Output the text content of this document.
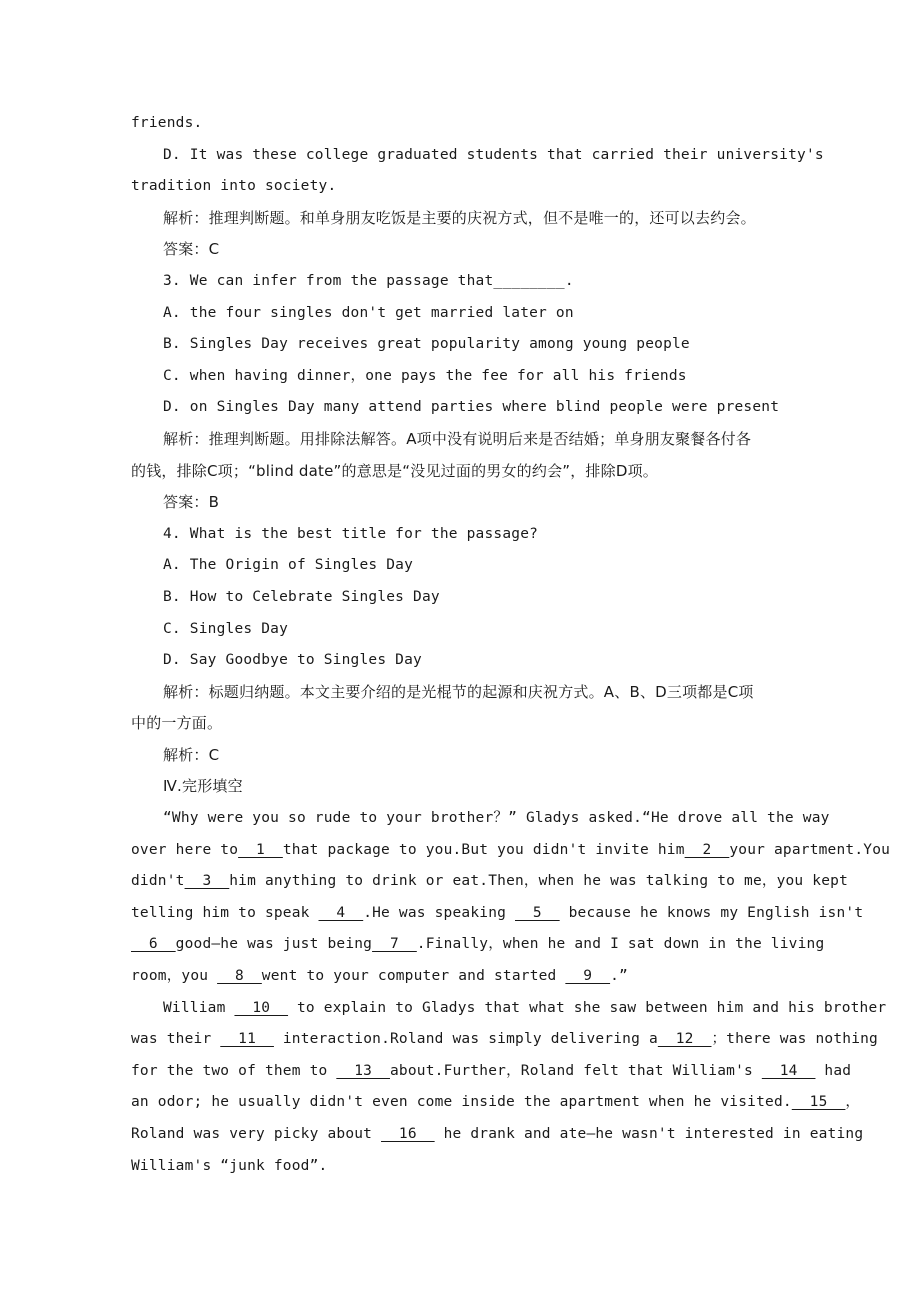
friends.
D. It was these college graduated students that carried their university's
tradition into society.
解析：推理判断题。和单身朋友吃饭是主要的庆祝方式，但不是唯一的，还可以去约会。
答案：C
3. We can infer from the passage that________.
A. the four singles don't get married later on
B. Singles Day receives great popularity among young people
C. when having dinner，one pays the fee for all his friends
D. on Singles Day many attend parties where blind people were present
解析：推理判断题。用排除法解答。A项中没有说明后来是否结婚；单身朋友聚餐各付各
的钱，排除C项；“blind date”的意思是“没见过面的男女的约会”，排除D项。
答案：B
4. What is the best title for the passage?
A. The Origin of Singles Day
B. How to Celebrate Singles Day
C. Singles Day
D. Say Goodbye to Singles Day
解析：标题归纳题。本文主要介绍的是光棍节的起源和庆祝方式。A、B、D三项都是C项
中的一方面。
解析：C
Ⅳ.完形填空
“Why were you so rude to your brother？” Gladys asked.“He drove all the way
over here to__1__that package to you.But you didn't invite him__2__your apartment.You
didn't__3__him anything to drink or eat.Then，when he was talking to me，you kept
telling him to speak __4__.He was speaking __5__ because he knows my English isn't
__6__good—he was just being__7__.Finally，when he and I sat down in the living
room，you __8__went to your computer and started __9__.”
William __10__ to explain to Gladys that what she saw between him and his brother
was their __11__ interaction.Roland was simply delivering a__12__；there was nothing
for the two of them to __13__about.Further，Roland felt that William's __14__ had
an odor; he usually didn't even come inside the apartment when he visited.__15__，
Roland was very picky about __16__ he drank and ate—he wasn't interested in eating
William's “junk food”.
